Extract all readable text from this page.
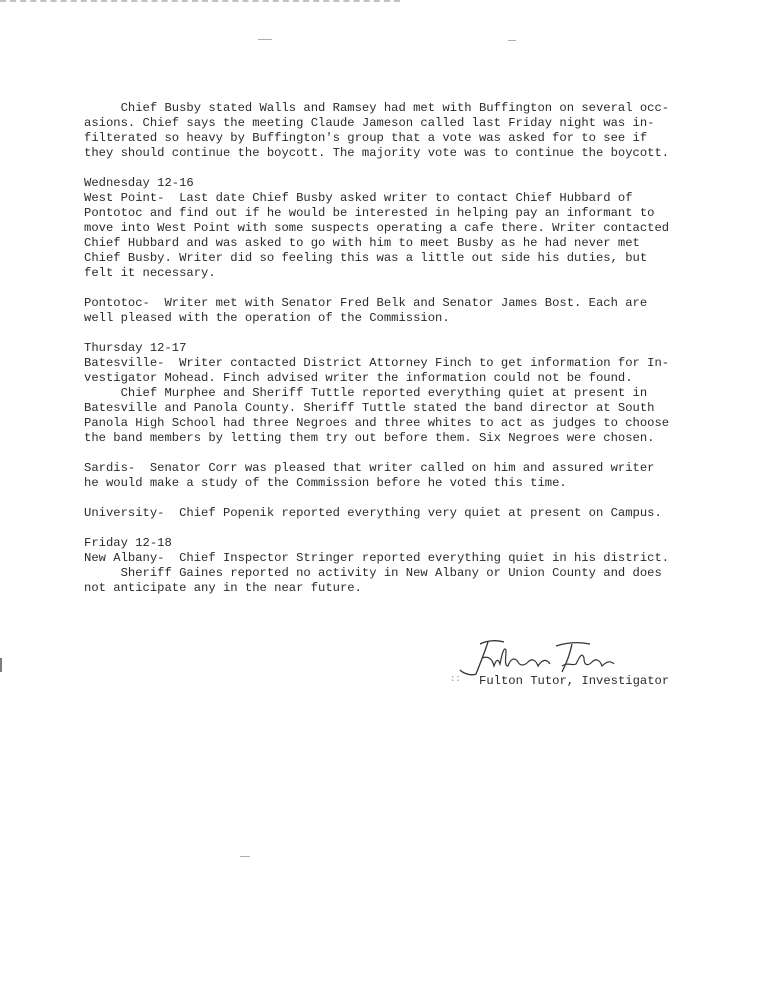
Chief Busby stated Walls and Ramsey had met with Buffington on several occ-
asions. Chief says the meeting Claude Jameson called last Friday night was in-
filterated so heavy by Buffington's group that a vote was asked for to see if
they should continue the boycott. The majority vote was to continue the boycott.
Wednesday 12-16
West Point-  Last date Chief Busby asked writer to contact Chief Hubbard of
Pontotoc and find out if he would be interested in helping pay an informant to
move into West Point with some suspects operating a cafe there. Writer contacted
Chief Hubbard and was asked to go with him to meet Busby as he had never met
Chief Busby. Writer did so feeling this was a little out side his duties, but
felt it necessary.
Pontotoc-  Writer met with Senator Fred Belk and Senator James Bost. Each are
well pleased with the operation of the Commission.
Thursday 12-17
Batesville-  Writer contacted District Attorney Finch to get information for In-
vestigator Mohead. Finch advised writer the information could not be found.
Chief Murphee and Sheriff Tuttle reported everything quiet at present in
Batesville and Panola County. Sheriff Tuttle stated the band director at South
Panola High School had three Negroes and three whites to act as judges to choose
the band members by letting them try out before them. Six Negroes were chosen.
Sardis-  Senator Corr was pleased that writer called on him and assured writer
he would make a study of the Commission before he voted this time.
University-  Chief Popenik reported everything very quiet at present on Campus.
Friday 12-18
New Albany-  Chief Inspector Stringer reported everything quiet in his district.
Sheriff Gaines reported no activity in New Albany or Union County and does
not anticipate any in the near future.
:: Fulton Tutor, Investigator
